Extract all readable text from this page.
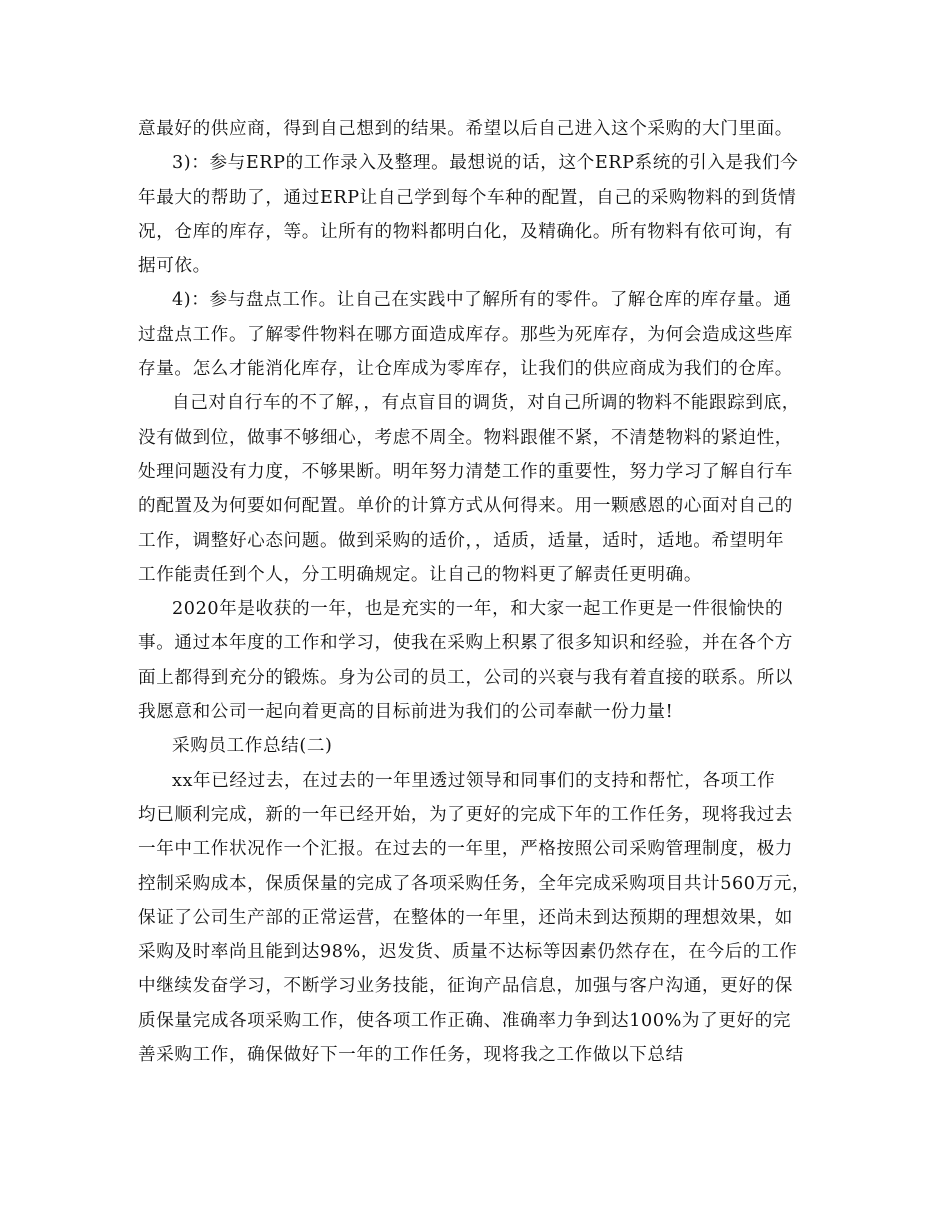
意最好的供应商，得到自己想到的结果。希望以后自己进入这个采购的大门里面。
3)：参与ERP的工作录入及整理。最想说的话，这个ERP系统的引入是我们今
年最大的帮助了，通过ERP让自己学到每个车种的配置，自己的采购物料的到货情
况，仓库的库存，等。让所有的物料都明白化，及精确化。所有物料有依可询，有
据可依。
4)：参与盘点工作。让自己在实践中了解所有的零件。了解仓库的库存量。通
过盘点工作。了解零件物料在哪方面造成库存。那些为死库存，为何会造成这些库
存量。怎么才能消化库存，让仓库成为零库存，让我们的供应商成为我们的仓库。
自己对自行车的不了解，，有点盲目的调货，对自己所调的物料不能跟踪到底，
没有做到位，做事不够细心，考虑不周全。物料跟催不紧，不清楚物料的紧迫性，
处理问题没有力度，不够果断。明年努力清楚工作的重要性，努力学习了解自行车
的配置及为何要如何配置。单价的计算方式从何得来。用一颗感恩的心面对自己的
工作，调整好心态问题。做到采购的适价，，适质，适量，适时，适地。希望明年
工作能责任到个人，分工明确规定。让自己的物料更了解责任更明确。
2020年是收获的一年，也是充实的一年，和大家一起工作更是一件很愉快的
事。通过本年度的工作和学习，使我在采购上积累了很多知识和经验，并在各个方
面上都得到充分的锻炼。身为公司的员工，公司的兴衰与我有着直接的联系。所以
我愿意和公司一起向着更高的目标前进为我们的公司奉献一份力量!
采购员工作总结(二)
xx年已经过去，在过去的一年里透过领导和同事们的支持和帮忙，各项工作
均已顺利完成，新的一年已经开始，为了更好的完成下年的工作任务，现将我过去
一年中工作状况作一个汇报。在过去的一年里，严格按照公司采购管理制度，极力
控制采购成本，保质保量的完成了各项采购任务，全年完成采购项目共计560万元，
保证了公司生产部的正常运营，在整体的一年里，还尚未到达预期的理想效果，如
采购及时率尚且能到达98%，迟发货、质量不达标等因素仍然存在，在今后的工作
中继续发奋学习，不断学习业务技能，征询产品信息，加强与客户沟通，更好的保
质保量完成各项采购工作，使各项工作正确、准确率力争到达100%为了更好的完
善采购工作，确保做好下一年的工作任务，现将我之工作做以下总结
